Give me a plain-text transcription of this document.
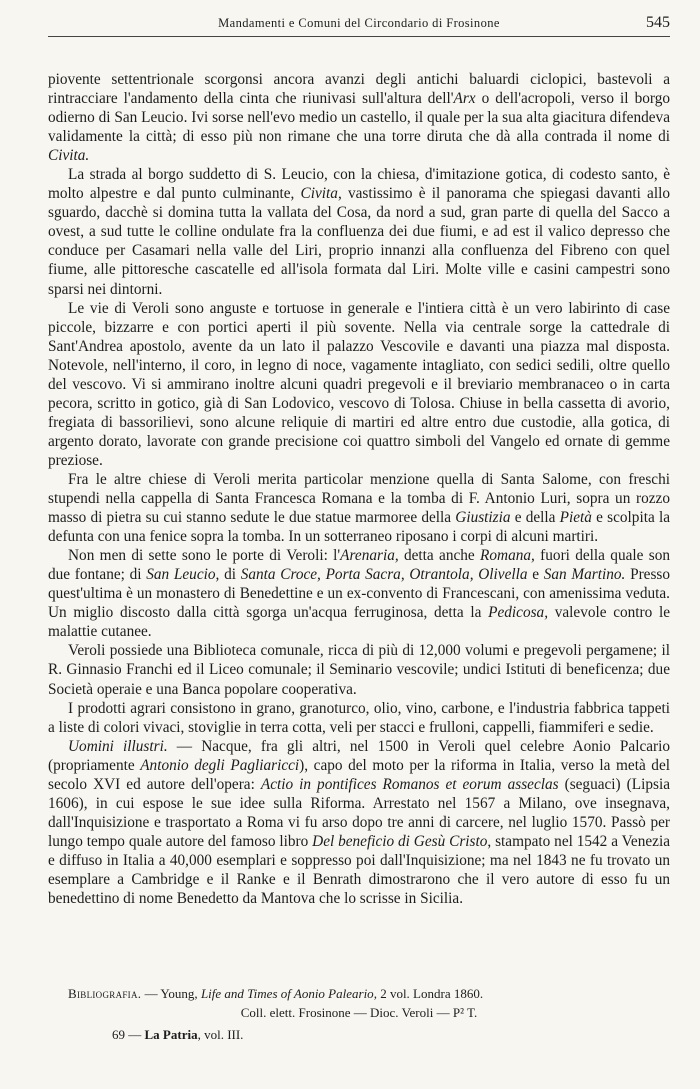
Mandamenti e Comuni del Circondario di Frosinone	545

piovente settentrionale scorgonsi ancora avanzi degli antichi baluardi ciclopici, bastevoli a rintracciare l'andamento della cinta che riunivasi sull'altura dell'Arx o dell'acropoli, verso il borgo odierno di San Leucio. Ivi sorse nell'evo medio un castello, il quale per la sua alta giacitura difendeva validamente la città; di esso più non rimane che una torre diruta che dà alla contrada il nome di Civita.

La strada al borgo suddetto di S. Leucio, con la chiesa, d'imitazione gotica, di codesto santo, è molto alpestre e dal punto culminante, Civita, vastissimo è il panorama che spiegasi davanti allo sguardo, dacchè si domina tutta la vallata del Cosa, da nord a sud, gran parte di quella del Sacco a ovest, a sud tutte le colline ondulate fra la confluenza dei due fiumi, e ad est il valico depresso che conduce per Casamari nella valle del Liri, proprio innanzi alla confluenza del Fibreno con quel fiume, alle pittoresche cascatelle ed all'isola formata dal Liri. Molte ville e casini campestri sono sparsi nei dintorni.

Le vie di Veroli sono anguste e tortuose in generale e l'intiera città è un vero labirinto di case piccole, bizzarre e con portici aperti il più sovente. Nella via centrale sorge la cattedrale di Sant'Andrea apostolo, avente da un lato il palazzo Vescovile e davanti una piazza mal disposta. Notevole, nell'interno, il coro, in legno di noce, vagamente intagliato, con sedici sedili, oltre quello del vescovo. Vi si ammirano inoltre alcuni quadri pregevoli e il breviario membranaceo o in carta pecora, scritto in gotico, già di San Lodovico, vescovo di Tolosa. Chiuse in bella cassetta di avorio, fregiata di bassorilievi, sono alcune reliquie di martiri ed altre entro due custodie, alla gotica, di argento dorato, lavorate con grande precisione coi quattro simboli del Vangelo ed ornate di gemme preziose.

Fra le altre chiese di Veroli merita particolar menzione quella di Santa Salome, con freschi stupendi nella cappella di Santa Francesca Romana e la tomba di F. Antonio Luri, sopra un rozzo masso di pietra su cui stanno sedute le due statue marmoree della Giustizia e della Pietà e scolpita la defunta con una fenice sopra la tomba. In un sotterraneo riposano i corpi di alcuni martiri.

Non men di sette sono le porte di Veroli: l'Arenaria, detta anche Romana, fuori della quale son due fontane; di San Leucio, di Santa Croce, Porta Sacra, Otrantola, Olivella e San Martino. Presso quest'ultima è un monastero di Benedettine e un ex-convento di Francescani, con amenissima veduta. Un miglio discosto dalla città sgorga un'acqua ferruginosa, detta la Pedicosa, valevole contro le malattie cutanee.

Veroli possiede una Biblioteca comunale, ricca di più di 12,000 volumi e pregevoli pergamene; il R. Ginnasio Franchi ed il Liceo comunale; il Seminario vescovile; undici Istituti di beneficenza; due Società operaie e una Banca popolare cooperativa.

I prodotti agrari consistono in grano, granoturco, olio, vino, carbone, e l'industria fabbrica tappeti a liste di colori vivaci, stoviglie in terra cotta, veli per stacci e frulloni, cappelli, fiammiferi e sedie.

Uomini illustri. — Nacque, fra gli altri, nel 1500 in Veroli quel celebre Aonio Palcario (propriamente Antonio degli Pagliaricci), capo del moto per la riforma in Italia, verso la metà del secolo XVI ed autore dell'opera: Actio in pontifices Romanos et eorum asseclas (seguaci) (Lipsia 1606), in cui espose le sue idee sulla Riforma. Arrestato nel 1567 a Milano, ove insegnava, dall'Inquisizione e trasportato a Roma vi fu arso dopo tre anni di carcere, nel luglio 1570. Passò per lungo tempo quale autore del famoso libro Del beneficio di Gesù Cristo, stampato nel 1542 a Venezia e diffuso in Italia a 40,000 esemplari e soppresso poi dall'Inquisizione; ma nel 1843 ne fu trovato un esemplare a Cambridge e il Ranke e il Benrath dimostrarono che il vero autore di esso fu un benedettino di nome Benedetto da Mantova che lo scrisse in Sicilia.

Bibliografia. — Young, Life and Times of Aonio Paleario, 2 vol. Londra 1860.
Coll. elett. Frosinone — Dioc. Veroli — P² T.
69 — La Patria, vol. III.
